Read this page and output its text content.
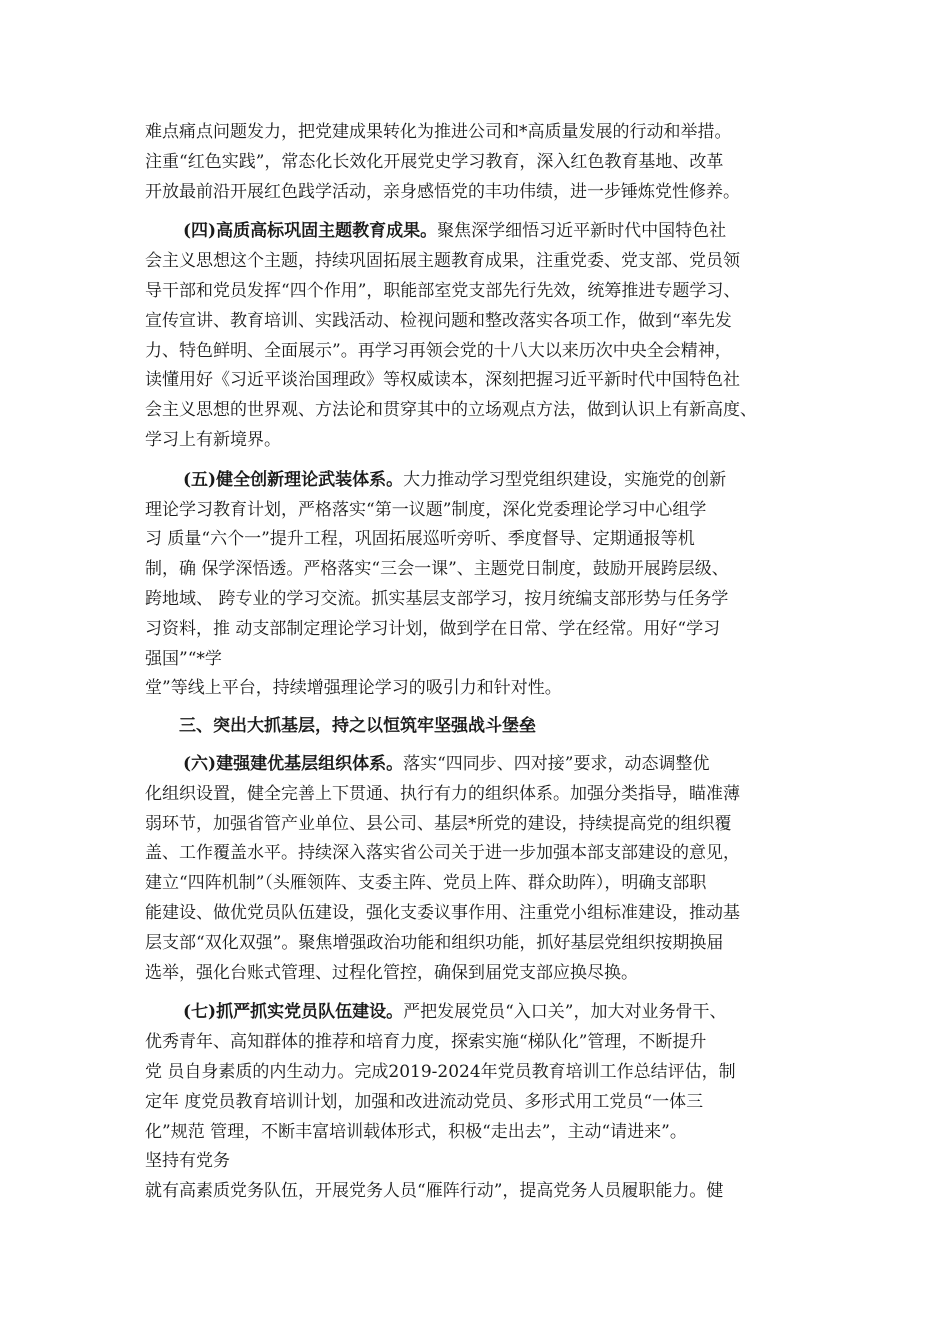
难点痛点问题发力，把党建成果转化为推进公司和*高质量发展的行动和举措。
注重“红色实践”，常态化长效化开展党史学习教育，深入红色教育基地、改革
开放最前沿开展红色践学活动，亲身感悟党的丰功伟绩，进一步锤炼党性修养。
(四)高质高标巩固主题教育成果。聚焦深学细悟习近平新时代中国特色社
会主义思想这个主题，持续巩固拓展主题教育成果，注重党委、党支部、党员领
导干部和党员发挥“四个作用”，职能部室党支部先行先效，统筹推进专题学习、
宣传宣讲、教育培训、实践活动、检视问题和整改落实各项工作，做到“率先发
力、特色鲜明、全面展示”。再学习再领会党的十八大以来历次中央全会精神，
读懂用好《习近平谈治国理政》等权威读本，深刻把握习近平新时代中国特色社
会主义思想的世界观、方法论和贯穿其中的立场观点方法，做到认识上有新高度、
学习上有新境界。
(五)健全创新理论武装体系。大力推动学习型党组织建设，实施党的创新
理论学习教育计划，严格落实“第一议题”制度，深化党委理论学习中心组学
习 质量“六个一”提升工程，巩固拓展巡听旁听、季度督导、定期通报等机
制，确 保学深悟透。严格落实“三会一课”、主题党日制度，鼓励开展跨层级、
跨地域、 跨专业的学习交流。抓实基层支部学习，按月统编支部形势与任务学
习资料，推 动支部制定理论学习计划，做到学在日常、学在经常。用好“学习
强国”“*学
堂”等线上平台，持续增强理论学习的吸引力和针对性。
三、突出大抓基层，持之以恒筑牢坚强战斗堡垒
(六)建强建优基层组织体系。落实“四同步、四对接”要求，动态调整优
化组织设置，健全完善上下贯通、执行有力的组织体系。加强分类指导，瞄准薄
弱环节，加强省管产业单位、县公司、基层*所党的建设，持续提高党的组织覆
盖、工作覆盖水平。持续深入落实省公司关于进一步加强本部支部建设的意见，
建立“四阵机制”（头雁领阵、支委主阵、党员上阵、群众助阵），明确支部职
能建设、做优党员队伍建设，强化支委议事作用、注重党小组标准建设，推动基
层支部“双化双强”。聚焦增强政治功能和组织功能，抓好基层党组织按期换届
选举，强化台账式管理、过程化管控，确保到届党支部应换尽换。
(七)抓严抓实党员队伍建设。严把发展党员“入口关”，加大对业务骨干、
优秀青年、高知群体的推荐和培育力度，探索实施“梯队化”管理，不断提升
党 员自身素质的内生动力。完成2019-2024年党员教育培训工作总结评估，制
定年 度党员教育培训计划，加强和改进流动党员、多形式用工党员“一体三
化”规范 管理，不断丰富培训载体形式，积极“走出去”，主动“请进来”。
坚持有党务
就有高素质党务队伍，开展党务人员“雁阵行动”，提高党务人员履职能力。健
